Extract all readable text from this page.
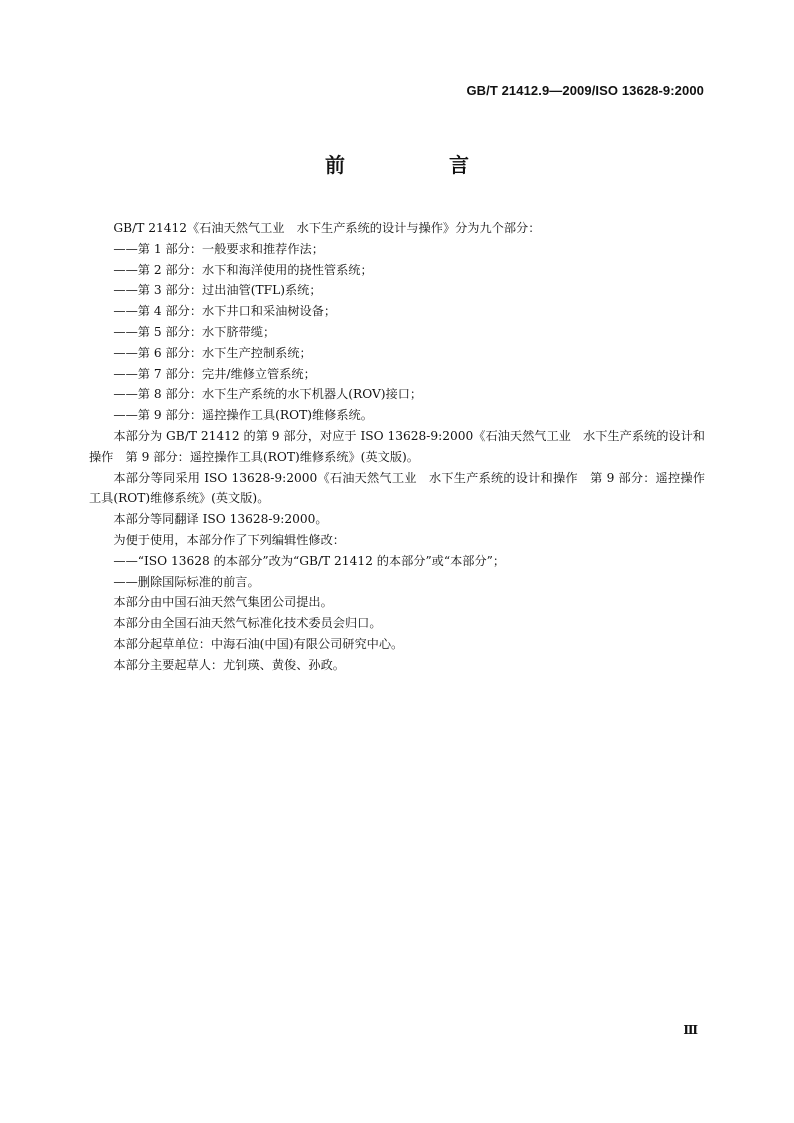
GB/T 21412.9—2009/ISO 13628-9:2000
前　言

GB/T 21412《石油天然气工业　水下生产系统的设计与操作》分为九个部分：

——第 1 部分：一般要求和推荐作法；

——第 2 部分：水下和海洋使用的挠性管系统；

——第 3 部分：过出油管(TFL)系统；

——第 4 部分：水下井口和采油树设备；

——第 5 部分：水下脐带缆；

——第 6 部分：水下生产控制系统；

——第 7 部分：完井/维修立管系统；

——第 8 部分：水下生产系统的水下机器人(ROV)接口；

——第 9 部分：遥控操作工具(ROT)维修系统。

本部分为 GB/T 21412 的第 9 部分，对应于 ISO 13628-9:2000《石油天然气工业　水下生产系统的设计和操作　第 9 部分：遥控操作工具(ROT)维修系统》(英文版)。

本部分等同采用 ISO 13628-9:2000《石油天然气工业　水下生产系统的设计和操作　第 9 部分：遥控操作工具(ROT)维修系统》(英文版)。

本部分等同翻译 ISO 13628-9:2000。

为便于使用，本部分作了下列编辑性修改：

——“ISO 13628 的本部分”改为“GB/T 21412 的本部分”或“本部分”；

——删除国际标准的前言。

本部分由中国石油天然气集团公司提出。

本部分由全国石油天然气标准化技术委员会归口。

本部分起草单位：中海石油(中国)有限公司研究中心。

本部分主要起草人：尤钊瑛、黄俊、孙政。

Ⅲ
